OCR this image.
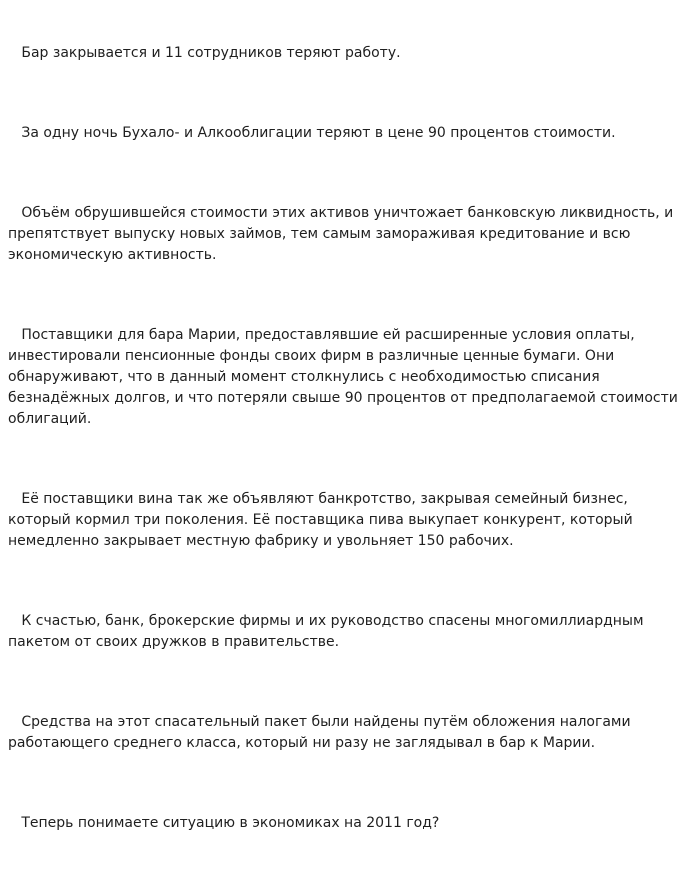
Бар закрывается и 11 сотрудников теряют работу.

За одну ночь Бухало- и Алкооблигации теряют в цене 90 процентов стоимости.

Объём обрушившейся стоимости этих активов уничтожает банковскую ликвидность, и препятствует выпуску новых займов, тем самым замораживая кредитование и всю экономическую активность.

Поставщики для бара Марии, предоставлявшие ей расширенные условия оплаты, инвестировали пенсионные фонды своих фирм в различные ценные бумаги. Они обнаруживают, что в данный момент столкнулись с необходимостью списания безнадёжных долгов, и что потеряли свыше 90 процентов от предполагаемой стоимости облигаций.

Её поставщики вина так же объявляют банкротство, закрывая семейный бизнес, который кормил три поколения. Её поставщика пива выкупает конкурент, который немедленно закрывает местную фабрику и увольняет 150 рабочих.

К счастью, банк, брокерские фирмы и их руководство спасены многомиллиардным пакетом от своих дружков в правительстве.

Средства на этот спасательный пакет были найдены путём обложения налогами работающего среднего класса, который ни разу не заглядывал в бар к Марии.

Теперь понимаете ситуацию в экономиках на 2011 год?
